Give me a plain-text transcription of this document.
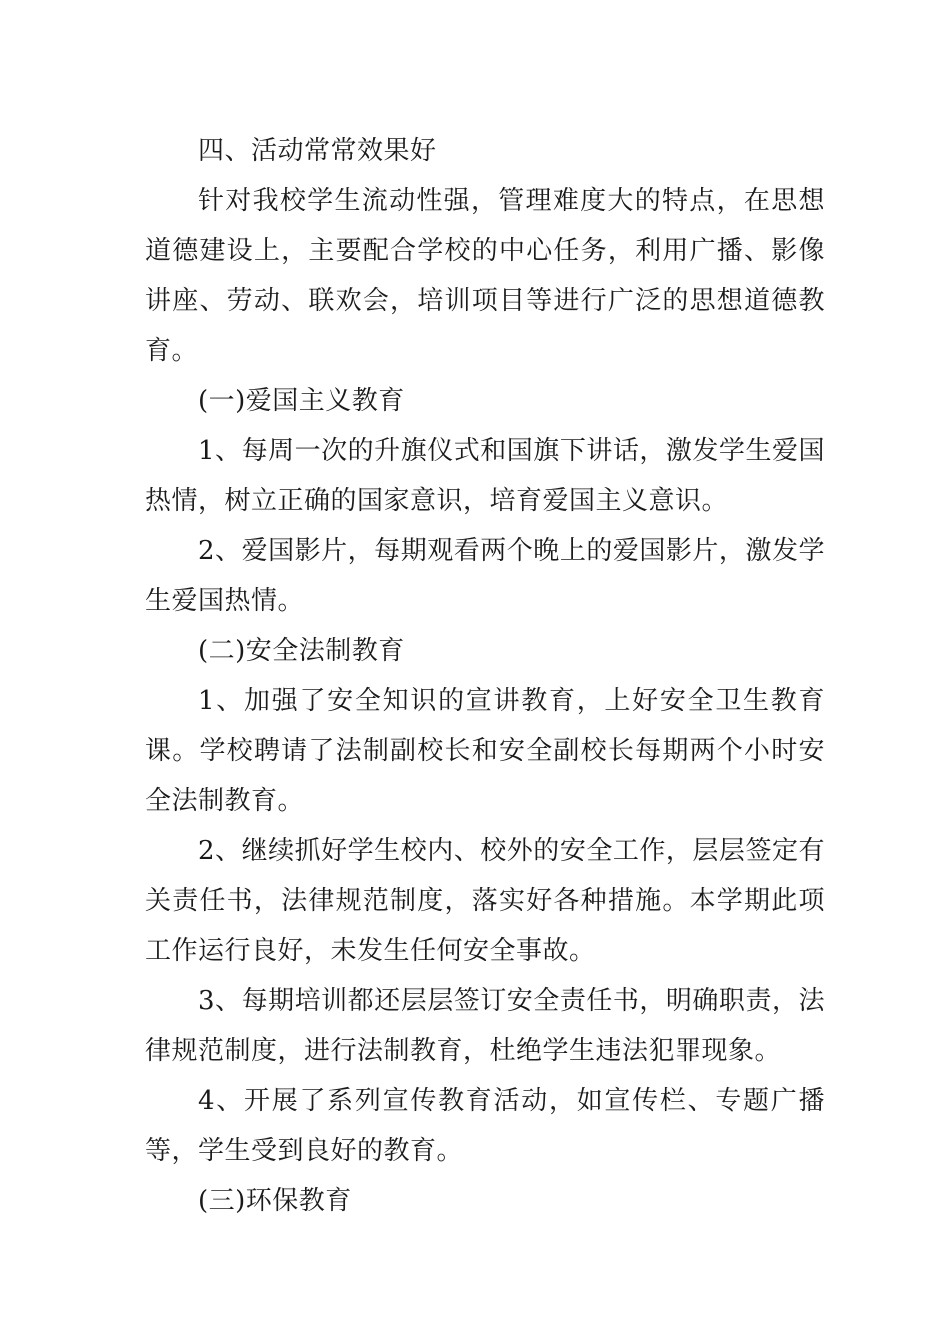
四、活动常常效果好

针对我校学生流动性强，管理难度大的特点，在思想道德建设上，主要配合学校的中心任务，利用广播、影像讲座、劳动、联欢会，培训项目等进行广泛的思想道德教育。

(一)爱国主义教育

1、每周一次的升旗仪式和国旗下讲话，激发学生爱国热情，树立正确的国家意识，培育爱国主义意识。

2、爱国影片，每期观看两个晚上的爱国影片，激发学生爱国热情。

(二)安全法制教育

1、加强了安全知识的宣讲教育，上好安全卫生教育课。学校聘请了法制副校长和安全副校长每期两个小时安全法制教育。

2、继续抓好学生校内、校外的安全工作，层层签定有关责任书，法律规范制度，落实好各种措施。本学期此项工作运行良好，未发生任何安全事故。

3、每期培训都还层层签订安全责任书，明确职责，法律规范制度，进行法制教育，杜绝学生违法犯罪现象。

4、开展了系列宣传教育活动，如宣传栏、专题广播等，学生受到良好的教育。

(三)环保教育
